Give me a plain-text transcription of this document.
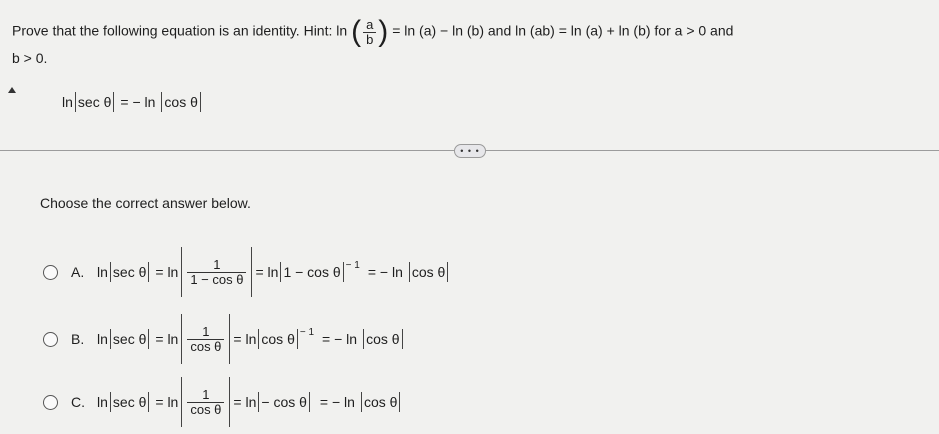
Prove that the following equation is an identity. Hint: ln ( $\frac{a}{b}$ ) = ln (a) − ln (b) and ln (ab) = ln (a) + ln (b) for a > 0 and
b > 0.
ln sec θ = − ln cos θ
• • •
Choose the correct answer below.
A. $\ln \sec \theta = \ln \frac{1}{\text{1 − cos θ}} = \ln 1 - \cos \theta$ $^{- 1}$ = − ln cos θ
B. $\ln \sec \theta = \ln \frac{1}{\text{cos θ}} = \ln \cos \theta$ $^{- 1}$ = − ln cos θ
C. $\ln \sec \theta = \ln \frac{1}{\text{cos θ}} = \ln - \cos \theta$ = − ln cos θ
